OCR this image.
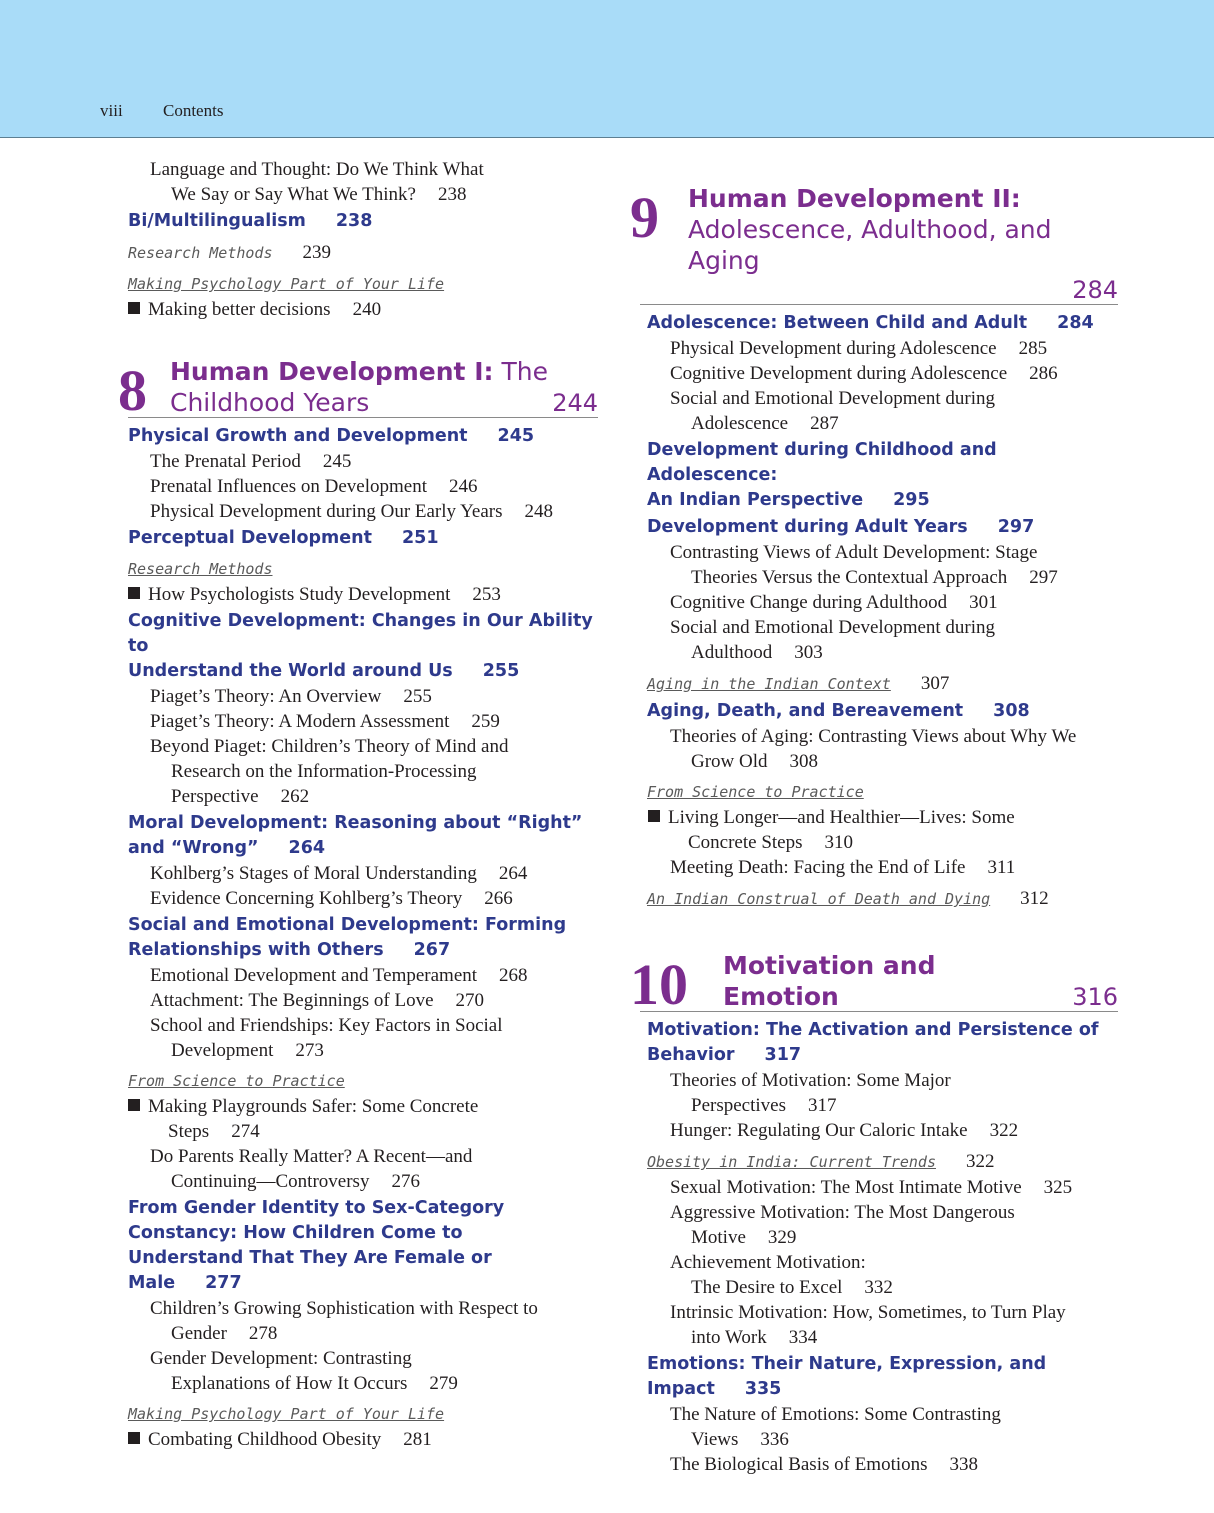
viii Contents
Language and Thought: Do We Think What
We Say or Say What We Think? 238
Bi/Multilingualism 238
Research Methods 239
Making Psychology Part of Your Life
Making better decisions 240
8 Human Development I: The
Childhood Years	244
Physical Growth and Development 245
The Prenatal Period 245
Prenatal Influences on Development 246
Physical Development during Our Early Years 248
Perceptual Development 251
Research Methods
How Psychologists Study Development 253
Cognitive Development: Changes in Our Ability to
Understand the World around Us 255
Piaget’s Theory: An Overview 255
Piaget’s Theory: A Modern Assessment 259
Beyond Piaget: Children’s Theory of Mind and
Research on the Information-Processing
Perspective 262
Moral Development: Reasoning about “Right”
and “Wrong” 264
Kohlberg’s Stages of Moral Understanding 264
Evidence Concerning Kohlberg’s Theory 266
Social and Emotional Development: Forming
Relationships with Others 267
Emotional Development and Temperament 268
Attachment: The Beginnings of Love 270
School and Friendships: Key Factors in Social
Development 273
From Science to Practice
Making Playgrounds Safer: Some Concrete
Steps 274
Do Parents Really Matter? A Recent—and
Continuing—Controversy 276
From Gender Identity to Sex-Category
Constancy: How Children Come to
Understand That They Are Female or
Male 277
Children’s Growing Sophistication with Respect to
Gender 278
Gender Development: Contrasting
Explanations of How It Occurs 279
Making Psychology Part of Your Life
Combating Childhood Obesity 281
9 Human Development II:
Adolescence, Adulthood, and Aging
284
Adolescence: Between Child and Adult 284
Physical Development during Adolescence 285
Cognitive Development during Adolescence 286
Social and Emotional Development during
Adolescence 287
Development during Childhood and Adolescence:
An Indian Perspective 295
Development during Adult Years 297
Contrasting Views of Adult Development: Stage
Theories Versus the Contextual Approach 297
Cognitive Change during Adulthood 301
Social and Emotional Development during
Adulthood 303
Aging in the Indian Context 307
Aging, Death, and Bereavement 308
Theories of Aging: Contrasting Views about Why We
Grow Old 308
From Science to Practice
Living Longer—and Healthier—Lives: Some
Concrete Steps 310
Meeting Death: Facing the End of Life 311
An Indian Construal of Death and Dying 312
10 Motivation and
Emotion	316
Motivation: The Activation and Persistence of
Behavior 317
Theories of Motivation: Some Major
Perspectives 317
Hunger: Regulating Our Caloric Intake 322
Obesity in India: Current Trends 322
Sexual Motivation: The Most Intimate Motive 325
Aggressive Motivation: The Most Dangerous
Motive 329
Achievement Motivation:
The Desire to Excel 332
Intrinsic Motivation: How, Sometimes, to Turn Play
into Work 334
Emotions: Their Nature, Expression, and
Impact 335
The Nature of Emotions: Some Contrasting
Views 336
The Biological Basis of Emotions 338
